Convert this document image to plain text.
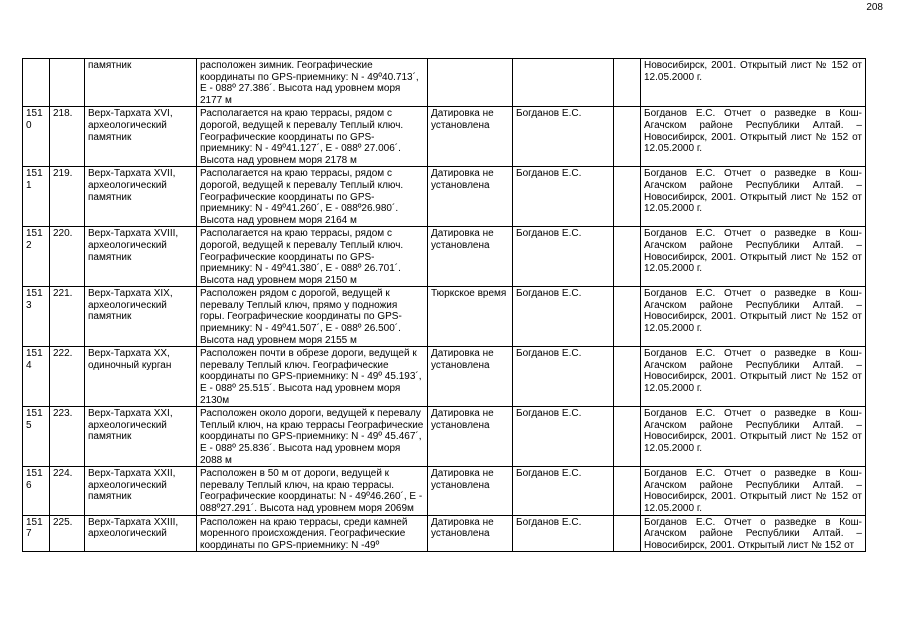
208
		памятник	расположен зимник. Географические координаты по GPS-приемнику: N - 49º40.713´, E - 088º 27.386´. Высота над уровнем моря 2177 м				Новосибирск, 2001. Открытый лист № 152 от 12.05.2000 г.
1510	218.	Верх-Тархата XVI, археологический памятник	Располагается на краю террасы, рядом с дорогой, ведущей к перевалу Теплый ключ. Географические координаты по GPS-приемнику: N - 49º41.127´, E - 088º 27.006´. Высота над уровнем моря 2178 м	Датировка не установлена	Богданов Е.С.		Богданов Е.С. Отчет о разведке в Кош-Агачском районе Республики Алтай. – Новосибирск, 2001. Открытый лист № 152 от 12.05.2000 г.
1511	219.	Верх-Тархата XVII, археологический памятник	Располагается на краю террасы, рядом с дорогой, ведущей к перевалу Теплый ключ. Географические координаты по GPS-приемнику: N - 49º41.260´, E - 088º26.980´. Высота над уровнем моря 2164 м	Датировка не установлена	Богданов Е.С.		Богданов Е.С. Отчет о разведке в Кош-Агачском районе Республики Алтай. – Новосибирск, 2001. Открытый лист № 152 от 12.05.2000 г.
1512	220.	Верх-Тархата XVIII, археологический памятник	Располагается на краю террасы, рядом с дорогой, ведущей к перевалу Теплый ключ. Географические координаты по GPS-приемнику: N - 49º41.380´, E - 088º 26.701´. Высота над уровнем моря 2150 м	Датировка не установлена	Богданов Е.С.		Богданов Е.С. Отчет о разведке в Кош-Агачском районе Республики Алтай. – Новосибирск, 2001. Открытый лист № 152 от 12.05.2000 г.
1513	221.	Верх-Тархата XIX, археологический памятник	Расположен рядом с дорогой, ведущей к перевалу Теплый ключ, прямо у подножия горы. Географические координаты по GPS-приемнику: N - 49º41.507´, E - 088º 26.500´. Высота над уровнем моря 2155 м	Тюркское время	Богданов Е.С.		Богданов Е.С. Отчет о разведке в Кош-Агачском районе Республики Алтай. – Новосибирск, 2001. Открытый лист № 152 от 12.05.2000 г.
1514	222.	Верх-Тархата XX, одиночный курган	Расположен почти в обрезе дороги, ведущей к перевалу Теплый ключ. Географические координаты по GPS-приемнику: N - 49º 45.193´, E - 088º 25.515´. Высота над уровнем моря 2130м	Датировка не установлена	Богданов Е.С.		Богданов Е.С. Отчет о разведке в Кош-Агачском районе Республики Алтай. – Новосибирск, 2001. Открытый лист № 152 от 12.05.2000 г.
1515	223.	Верх-Тархата XXI, археологический памятник	Расположен около дороги, ведущей к перевалу Теплый ключ, на краю террасы Географические координаты по GPS-приемнику: N - 49º 45.467´, E - 088º 25.836´. Высота над уровнем моря 2088 м	Датировка не установлена	Богданов Е.С.		Богданов Е.С. Отчет о разведке в Кош-Агачском районе Республики Алтай. – Новосибирск, 2001. Открытый лист № 152 от 12.05.2000 г.
1516	224.	Верх-Тархата XXII, археологический памятник	Расположен в 50 м от дороги, ведущей к перевалу Теплый ключ, на краю террасы. Географические координаты: N - 49º46.260´, E - 088º27.291´. Высота над уровнем моря 2069м	Датировка не установлена	Богданов Е.С.		Богданов Е.С. Отчет о разведке в Кош-Агачском районе Республики Алтай. – Новосибирск, 2001. Открытый лист № 152 от 12.05.2000 г.
1517	225.	Верх-Тархата XXIII, археологический	Расположен на краю террасы, среди камней моренного происхождения. Географические координаты по GPS-приемнику: N -49º	Датировка не установлена	Богданов Е.С.		Богданов Е.С. Отчет о разведке в Кош-Агачском районе Республики Алтай. – Новосибирск, 2001. Открытый лист № 152 от
